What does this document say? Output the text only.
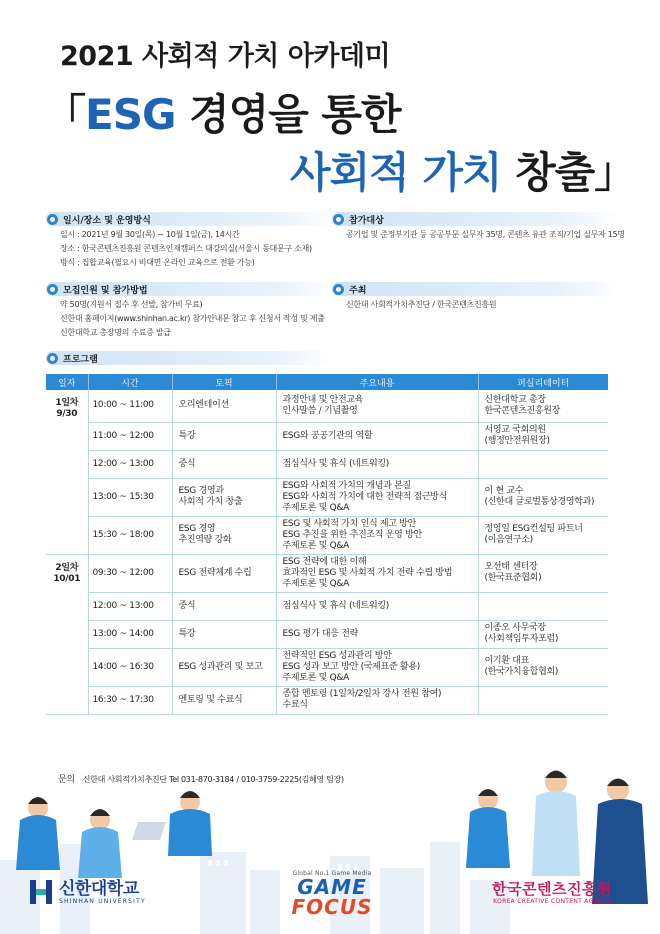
2021 사회적 가치 아카데미
「ESG 경영을 통한
사회적 가치 창출」
일시/장소 및 운영방식
일시 : 2021년 9월 30일(목) ~ 10월 1일(금), 14시간
장소 : 한국콘텐츠진흥원 콘텐츠인재캠퍼스 대강의실(서울시 동대문구 소재)
방식 : 집합교육(필요시 비대면 온라인 교육으로 전환 가능)
참가대상
공기업 및 준정부기관 등 공공부문 실무자 35명, 콘텐츠 유관 조직/기업 실무자 15명
모집인원 및 참가방법
약 50명(지원서 접수 후 선발, 참가비 무료)
신한대 홈페이지(www.shinhan.ac.kr) 참가안내문 참고 후 신청서 작성 및 제출
신한대학교 총장명의 수료증 발급
주최
신한대 사회적가치추진단 / 한국콘텐츠진흥원
프로그램
일자	시간	토픽	주요내용	퍼실리테이터
1일차
9/30	10:00 ~ 11:00	오리엔테이션	과정안내 및 안전교육
인사말씀 / 기념촬영	신한대학교 총장
한국콘텐츠진흥원장
	11:00 ~ 12:00	특강	ESG와 공공기관의 역할	서영교 국회의원
(행정안전위원장)
	12:00 ~ 13:00	중식	점심식사 및 휴식 (네트워킹)	
	13:00 ~ 15:30	ESG 경영과
사회적 가치 창출	ESG와 사회적 가치의 개념과 본질
ESG와 사회적 가치에 대한 전략적 접근방식
주제토론 및 Q&A	이 현 교수
(신한대 글로벌통상경영학과)
	15:30 ~ 18:00	ESG 경영
추진역량 강화	ESG 및 사회적 가치 인식 제고 방안
ESG 추진을 위한 추진조직 운영 방안
주제토론 및 Q&A	정영일 ESG컨설팅 파트너
(이음연구소)
2일차
10/01	09:30 ~ 12:00	ESG 전략체계 수립	ESG 전략에 대한 이해
효과적인 ESG 및 사회적 가치 전략 수립 방법
주제토론 및 Q&A	오선태 센터장
(한국표준협회)
	12:00 ~ 13:00	중식	점심식사 및 휴식 (네트워킹)	
	13:00 ~ 14:00	특강	ESG 평가 대응 전략	이종오 사무국장
(사회책임투자포럼)
	14:00 ~ 16:30	ESG 성과관리 및 보고	전략적인 ESG 성과관리 방안
ESG 성과 보고 방안 (국제표준 활용)
주제토론 및 Q&A	이기환 대표
(한국가치융합협회)
	16:30 ~ 17:30	멘토링 및 수료식	종합 멘토링 (1일차/2일차 강사 전원 참여)
수료식	
문의 신한대 사회적가치추진단 Tel 031-870-3184 / 010-3759-2225(김혜영 팀장)
신한대학교
SHINHAN UNIVERSITY
Global No.1 Game Media
GAME
FOCUS
한국콘텐츠진흥원
KOREA CREATIVE CONTENT AGENCY
